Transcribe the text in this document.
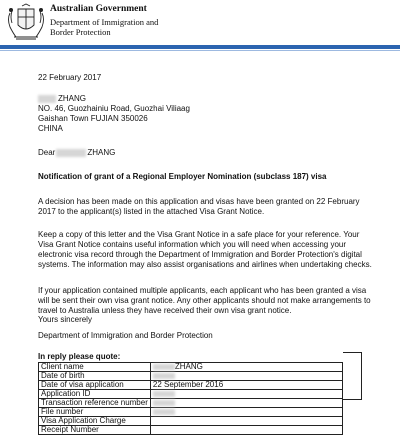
Australian Government
Department of Immigration and Border Protection
22 February 2017
ZHANG
NO. 46, Guozhainiu Road, Guozhai Viliaag
Gaishan Town FUJIAN 350026
CHINA
Dear	ZHANG
Notification of grant of a Regional Employer Nomination (subclass 187) visa
A decision has been made on this application and visas have been granted on 22 February 2017 to the applicant(s) listed in the attached Visa Grant Notice.
Keep a copy of this letter and the Visa Grant Notice in a safe place for your reference. Your Visa Grant Notice contains useful information which you will need when accessing your electronic visa record through the Department of Immigration and Border Protection's digital systems. The information may also assist organisations and airlines when undertaking checks.
If your application contained multiple applicants, each applicant who has been granted a visa will be sent their own visa grant notice. Any other applicants should not make arrangements to travel to Australia unless they have received their own visa grant notice.
Yours sincerely
Department of Immigration and Border Protection
In reply please quote:
Client name	ZHANG
Date of birth	
Date of visa application	22 September 2016
Application ID	
Transaction reference number	
File number	
Visa Application Charge	
Receipt Number	
